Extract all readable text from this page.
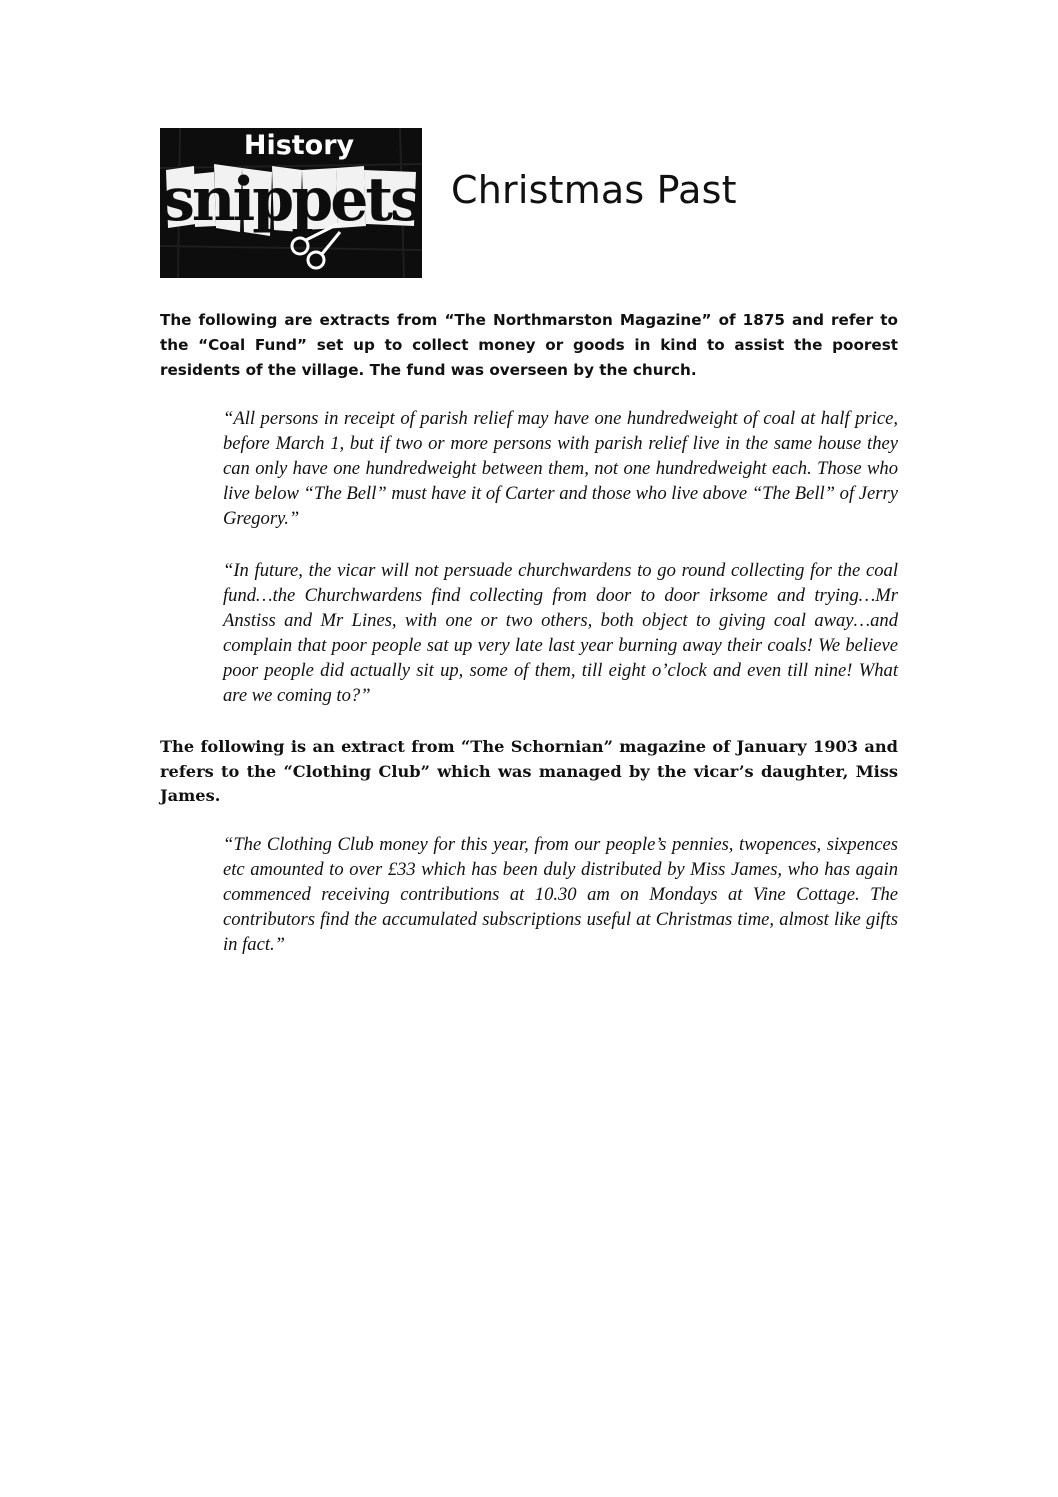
History
snippets Christmas Past

The following are extracts from “The Northmarston Magazine” of 1875 and refer to the “Coal Fund” set up to collect money or goods in kind to assist the poorest residents of the village. The fund was overseen by the church.

“All persons in receipt of parish relief may have one hundredweight of coal at half price, before March 1, but if two or more persons with parish relief live in the same house they can only have one hundredweight between them, not one hundredweight each. Those who live below “The Bell” must have it of Carter and those who live above “The Bell” of Jerry Gregory.”

“In future, the vicar will not persuade churchwardens to go round collecting for the coal fund…the Churchwardens find collecting from door to door irksome and trying…Mr Anstiss and Mr Lines, with one or two others, both object to giving coal away…and complain that poor people sat up very late last year burning away their coals! We believe poor people did actually sit up, some of them, till eight o’clock and even till nine! What are we coming to?”

The following is an extract from “The Schornian” magazine of January 1903 and refers to the “Clothing Club” which was managed by the vicar’s daughter, Miss James.

“The Clothing Club money for this year, from our people’s pennies, twopences, sixpences etc amounted to over £33 which has been duly distributed by Miss James, who has again commenced receiving contributions at 10.30 am on Mondays at Vine Cottage. The contributors find the accumulated subscriptions useful at Christmas time, almost like gifts in fact.”
